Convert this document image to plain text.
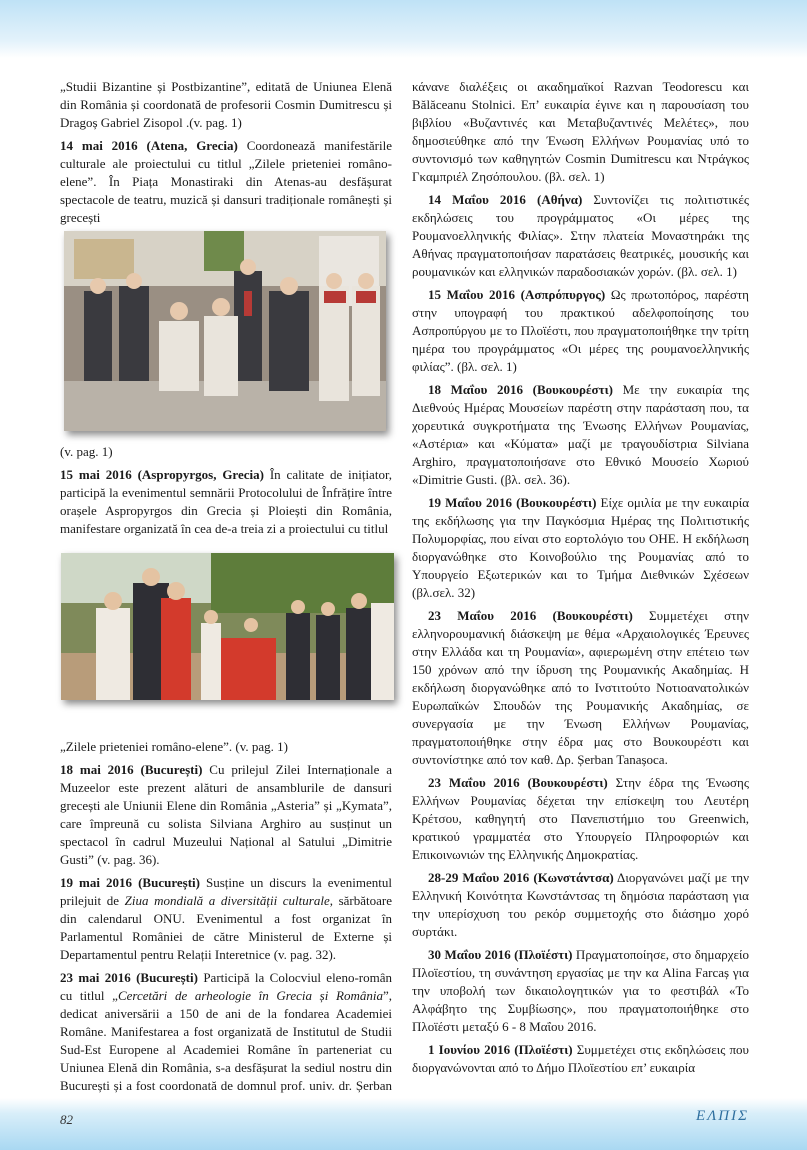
„Studii Bizantine și Postbizantine”, editată de Uniunea Elenă din România și coordonată de profesorii Cosmin Dumitrescu și Dragoș Gabriel Zisopol .(v. pag. 1)

14 mai 2016 (Atena, Grecia) Coordonează manifestările culturale ale proiectului cu titlul „Zilele prieteniei româno-elene”. În Piața Monastiraki din Atenas-au desfășurat spectacole de teatru, muzică și dansuri tradiționale românești și grecești

(v. pag. 1)

15 mai 2016 (Aspropyrgos, Grecia) În calitate de inițiator, participă la evenimentul semnării Protocolului de Înfrățire între orașele Aspropyrgos din Grecia și Ploiești din România, manifestare organizată în cea de-a treia zi a proiectului cu titlul

„Zilele prieteniei româno-elene”. (v. pag. 1)

18 mai 2016 (București) Cu prilejul Zilei Internaționale a Muzeelor este prezent alături de ansamblurile de dansuri grecești ale Uniunii Elene din România „Asteria” și „Kymata”, care împreună cu solista Silviana Arghiro au susținut un spectacol în cadrul Muzeului Național al Satului „Dimitrie Gusti” (v. pag. 36).

19 mai 2016 (București) Susține un discurs la evenimentul prilejuit de Ziua mondială a diversității culturale, sărbătoare din calendarul ONU. Evenimentul a fost organizat în Parlamentul României de către Ministerul de Externe și Departamentul pentru Relații Interetnice (v. pag. 32).

23 mai 2016 (București) Participă la Colocviul eleno-român cu titlul „Cercetări de arheologie în Grecia și România”, dedicat aniversării a 150 de ani de la fondarea Academiei Române. Manifestarea a fost organizată de Institutul de Studii Sud-Est Europene al Academiei Române în parteneriat cu Uniunea Elenă din România, s-a desfășurat la sediul nostru din București și a fost coordonată de domnul prof. univ. dr. Șerban

κάνανε διαλέξεις οι ακαδημαϊκοί Razvan Teodorescu και Bălăceanu Stolnici. Επ’ ευκαιρία έγινε και η παρουσίαση του βιβλίου «Βυζαντινές και Μεταβυζαντινές Μελέτες», που δημοσιεύθηκε από την Ένωση Ελλήνων Ρουμανίας υπό το συντονισμό των καθηγητών Cosmin Dumitrescu και Ντράγκος Γκαμπριέλ Ζησόπουλου. (βλ. σελ. 1)

14 Μαΐου 2016 (Αθήνα) Συντονίζει τις πολιτιστικές εκδηλώσεις του προγράμματος «Οι μέρες της Ρουμανοελληνικής Φιλίας». Στην πλατεία Μοναστηράκι της Αθήνας πραγματοποιήσαν παρατάσεις θεατρικές, μουσικής και ρουμανικών και ελληνικών παραδοσιακών χορών. (βλ. σελ. 1)

15 Μαΐου 2016 (Ασπρόπυργος) Ως πρωτοπόρος, παρέστη στην υπογραφή του πρακτικού αδελφοποίησης του Ασπροπύργου με το Πλοϊέστι, που πραγματοποιήθηκε την τρίτη ημέρα του προγράμματος «Οι μέρες της ρουμανοελληνικής φιλίας”. (βλ. σελ. 1)

18 Μαΐου 2016 (Βουκουρέστι) Με την ευκαιρία της Διεθνούς Ημέρας Μουσείων παρέστη στην παράσταση που, τα χορευτικά συγκροτήματα της Ένωσης Ελλήνων Ρουμανίας, «Αστέρια» και «Κύματα» μαζί με τραγουδίστρια Silviana Arghiro, πραγματοποιήσανε στο Εθνικό Μουσείο Χωριού «Dimitrie Gusti. (βλ. σελ. 36).

19 Μαΐου 2016 (Βουκουρέστι) Είχε ομιλία με την ευκαιρία της εκδήλωσης για την Παγκόσμια Ημέρας της Πολιτιστικής Πολυμορφίας, που είναι στο εορτολόγιο του ΟΗΕ. Η εκδήλωση διοργανώθηκε στο Κοινοβούλιο της Ρουμανίας από το Υπουργείο Εξωτερικών και το Τμήμα Διεθνικών Σχέσεων (βλ.σελ. 32)

23 Μαΐου 2016 (Βουκουρέστι) Συμμετέχει στην ελληνορουμανική διάσκεψη με θέμα «Αρχαιολογικές Έρευνες στην Ελλάδα και τη Ρουμανία», αφιερωμένη στην επέτειο των 150 χρόνων από την ίδρυση της Ρουμανικής Ακαδημίας. Η εκδήλωση διοργανώθηκε από το Ινστιτούτο Νοτιοανατολικών Ευρωπαϊκών Σπουδών της Ρουμανικής Ακαδημίας, σε συνεργασία με την Ένωση Ελλήνων Ρουμανίας, πραγματοποιήθηκε στην έδρα μας στο Βουκουρέστι και συντονίστηκε από τον καθ. Δρ. Șerban Tanașoca.

23 Μαΐου 2016 (Βουκουρέστι) Στην έδρα της Ένωσης Ελλήνων Ρουμανίας δέχεται την επίσκεψη του Λευτέρη Κρέτσου, καθηγητή στο Πανεπιστήμιο του Greenwich, κρατικού γραμματέα στο Υπουργείο Πληροφοριών και Επικοινωνιών της Ελληνικής Δημοκρατίας.

28-29 Μαΐου 2016 (Κωνστάντσα) Διοργανώνει μαζί με την Ελληνική Κοινότητα Κωνστάντσας τη δημόσια παράσταση για την υπερίσχυση του ρεκόρ συμμετοχής στο διάσημο χορό συρτάκι.

30 Μαΐου 2016 (Πλοϊέστι) Πραγματοποίησε, στο δημαρχείο Πλοϊεστίου, τη συνάντηση εργασίας με την κα Alina Farcaș για την υποβολή των δικαιολογητικών για το φεστιβάλ «Το Αλφάβητο της Συμβίωσης», που πραγματοποιήθηκε στο Πλοϊέστι μεταξύ 6 - 8 Μαΐου 2016.

1 Ιουνίου 2016 (Πλοϊέστι) Συμμετέχει στις εκδηλώσεις που διοργανώνονται από το Δήμο Πλοϊεστίου επ’ ευκαιρία

82	ΕΛΠΙΣ
